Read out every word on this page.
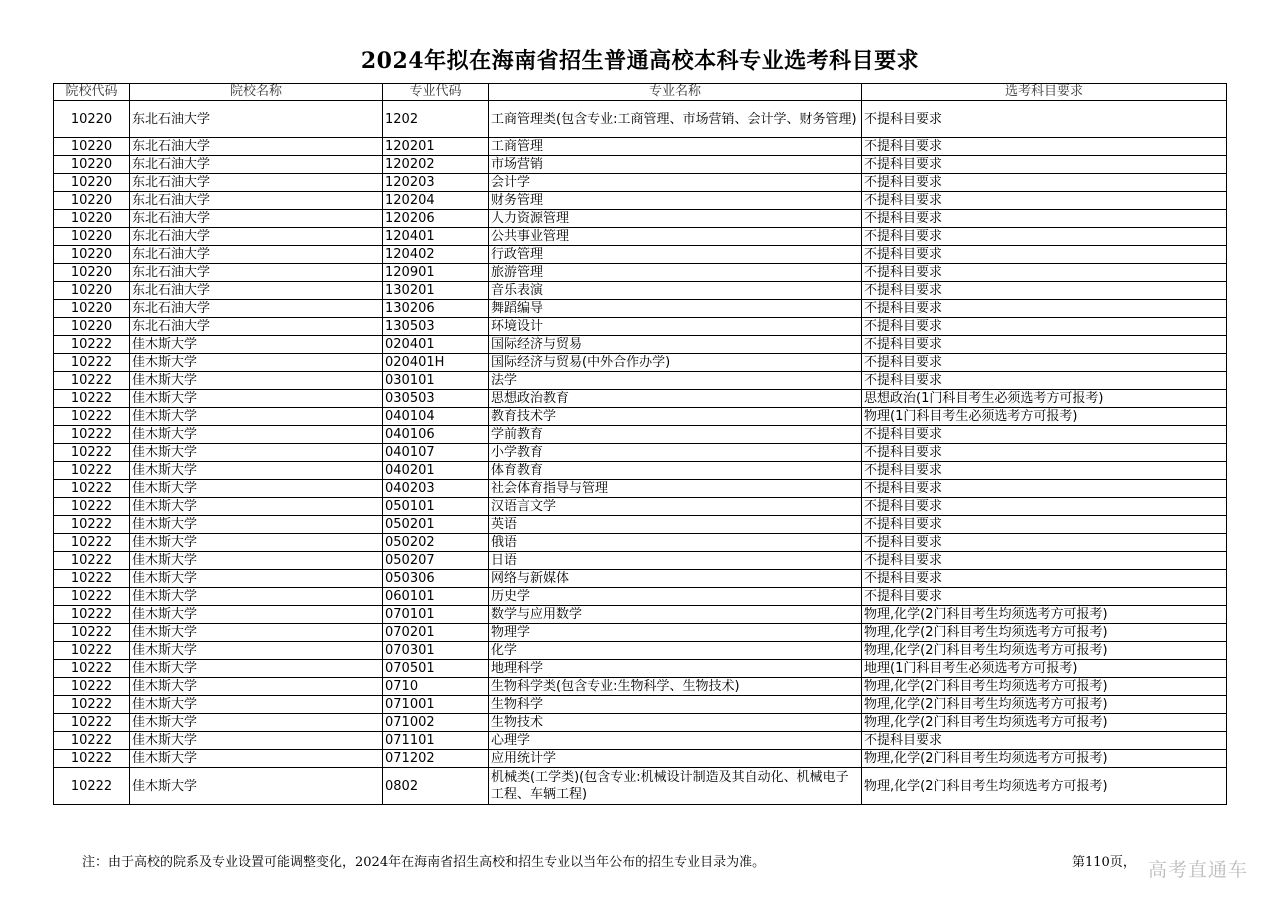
2024年拟在海南省招生普通高校本科专业选考科目要求
院校代码	院校名称	专业代码	专业名称	选考科目要求
10220	东北石油大学	1202	工商管理类(包含专业:工商管理、市场营销、会计学、财务管理)	不提科目要求
10220	东北石油大学	120201	工商管理	不提科目要求
10220	东北石油大学	120202	市场营销	不提科目要求
10220	东北石油大学	120203	会计学	不提科目要求
10220	东北石油大学	120204	财务管理	不提科目要求
10220	东北石油大学	120206	人力资源管理	不提科目要求
10220	东北石油大学	120401	公共事业管理	不提科目要求
10220	东北石油大学	120402	行政管理	不提科目要求
10220	东北石油大学	120901	旅游管理	不提科目要求
10220	东北石油大学	130201	音乐表演	不提科目要求
10220	东北石油大学	130206	舞蹈编导	不提科目要求
10220	东北石油大学	130503	环境设计	不提科目要求
10222	佳木斯大学	020401	国际经济与贸易	不提科目要求
10222	佳木斯大学	020401H	国际经济与贸易(中外合作办学)	不提科目要求
10222	佳木斯大学	030101	法学	不提科目要求
10222	佳木斯大学	030503	思想政治教育	思想政治(1门科目考生必须选考方可报考)
10222	佳木斯大学	040104	教育技术学	物理(1门科目考生必须选考方可报考)
10222	佳木斯大学	040106	学前教育	不提科目要求
10222	佳木斯大学	040107	小学教育	不提科目要求
10222	佳木斯大学	040201	体育教育	不提科目要求
10222	佳木斯大学	040203	社会体育指导与管理	不提科目要求
10222	佳木斯大学	050101	汉语言文学	不提科目要求
10222	佳木斯大学	050201	英语	不提科目要求
10222	佳木斯大学	050202	俄语	不提科目要求
10222	佳木斯大学	050207	日语	不提科目要求
10222	佳木斯大学	050306	网络与新媒体	不提科目要求
10222	佳木斯大学	060101	历史学	不提科目要求
10222	佳木斯大学	070101	数学与应用数学	物理,化学(2门科目考生均须选考方可报考)
10222	佳木斯大学	070201	物理学	物理,化学(2门科目考生均须选考方可报考)
10222	佳木斯大学	070301	化学	物理,化学(2门科目考生均须选考方可报考)
10222	佳木斯大学	070501	地理科学	地理(1门科目考生必须选考方可报考)
10222	佳木斯大学	0710	生物科学类(包含专业:生物科学、生物技术)	物理,化学(2门科目考生均须选考方可报考)
10222	佳木斯大学	071001	生物科学	物理,化学(2门科目考生均须选考方可报考)
10222	佳木斯大学	071002	生物技术	物理,化学(2门科目考生均须选考方可报考)
10222	佳木斯大学	071101	心理学	不提科目要求
10222	佳木斯大学	071202	应用统计学	物理,化学(2门科目考生均须选考方可报考)
10222	佳木斯大学	0802	机械类(工学类)(包含专业:机械设计制造及其自动化、机械电子工程、车辆工程)	物理,化学(2门科目考生均须选考方可报考)
注：由于高校的院系及专业设置可能调整变化，2024年在海南省招生高校和招生专业以当年公布的招生专业目录为准。	第110页， 高考直通车
